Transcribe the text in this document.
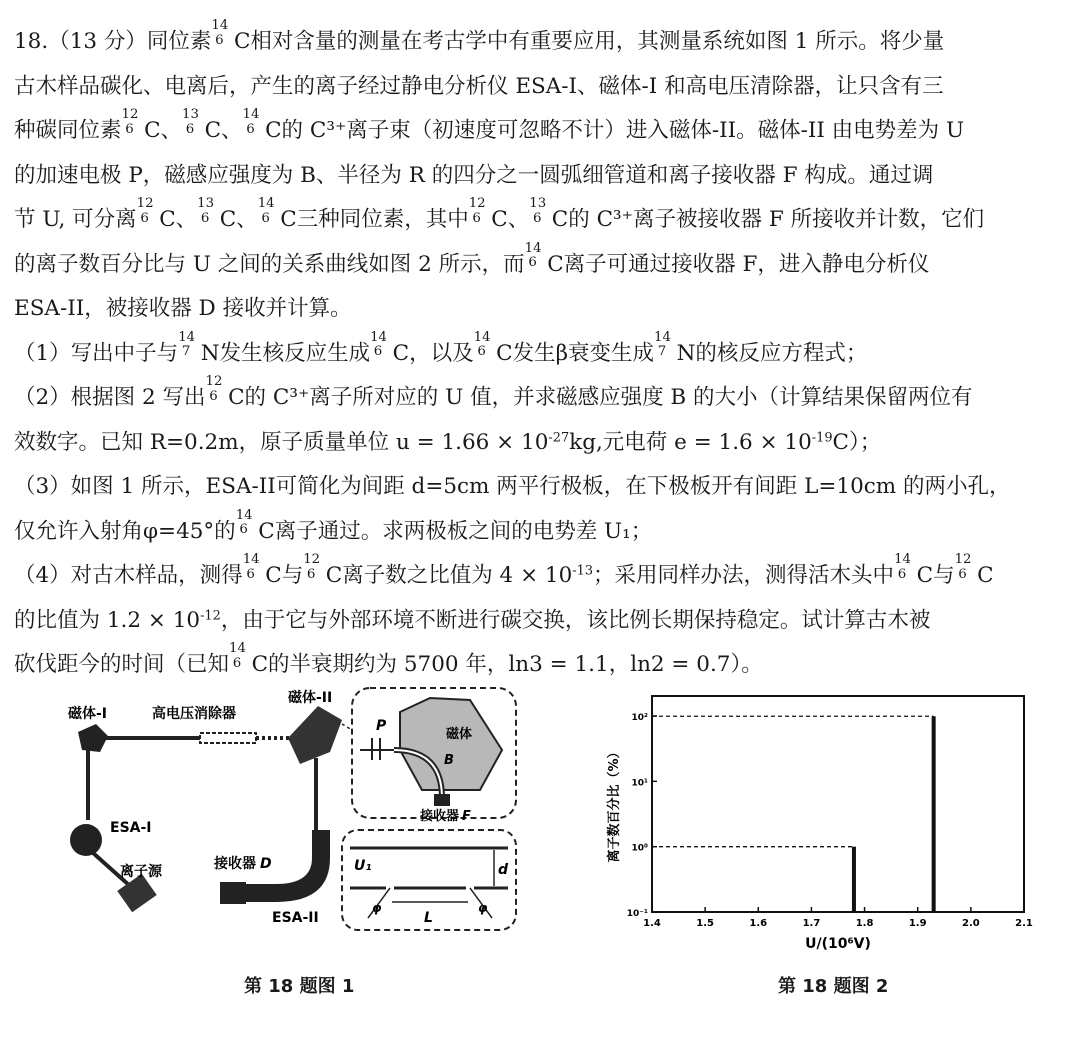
18.（13 分）同位素
14
6 C相对含量的测量在考古学中有重要应用，其测量系统如图 1 所示。将少量
古木样品碳化、电离后，产生的离子经过静电分析仪 ESA-I、磁体-I 和高电压清除器，让只含有三
种碳同位素
12
6 C、
13
6 C、
14
6 C的 C³⁺离子束（初速度可忽略不计）进入磁体-II。磁体-II 由电势差为 U
的加速电极 P，磁感应强度为 B、半径为 R 的四分之一圆弧细管道和离子接收器 F 构成。通过调
节 U, 可分离
12
6 C、
13
6 C、
14
6 C三种同位素，其中
12
6 C、
13
6 C的 C³⁺离子被接收器 F 所接收并计数，它们
的离子数百分比与 U 之间的关系曲线如图 2 所示，而
14
6 C离子可通过接收器 F，进入静电分析仪
ESA-II，被接收器 D 接收并计算。
（1）写出中子与
14
7 N发生核反应生成
14
6 C，以及
14
6 C发生β衰变生成
14
7 N的核反应方程式；
（2）根据图 2 写出
12
6 C的 C³⁺离子所对应的 U 值，并求磁感应强度 B 的大小（计算结果保留两位有
效数字。已知 R=0.2m，原子质量单位 $u = 1.66 \times 10^{-27}kg$,元电荷 $e = 1.6 \times 10^{-19}C$）；
（3）如图 1 所示，ESA-II可简化为间距 d=5cm 两平行极板，在下极板开有间距 L=10cm 的两小孔，
仅允许入射角φ=45°的
14
6 C离子通过。求两极板之间的电势差 U₁；
（4）对古木样品，测得
14
6 C与
12
6 C离子数之比值为 $4 \times 10^{-13}$；采用同样办法，测得活木头中
14
6 C与
12
6 C
的比值为 $1.2 \times 10^{-12}$，由于它与外部环境不断进行碳交换，该比例长期保持稳定。试计算古木被
砍伐距今的时间（已知
14
6 C的半衰期约为 5700 年，ln3 = 1.1，ln2 = 0.7）。
磁体-I	高电压消除器
磁体-II
ESA-I
离子源	接收器 D
ESA-II
P
磁体
B
接收器 F
d
U₁
L
φ	φ
第 18 题图 1
离子数百分比（%）
U/(10⁶V)
1.4	1.5	1.6	1.7	1.8	1.9	2.0	2.1
10⁻¹
10⁰
10¹
10²
第 18 题图 2
